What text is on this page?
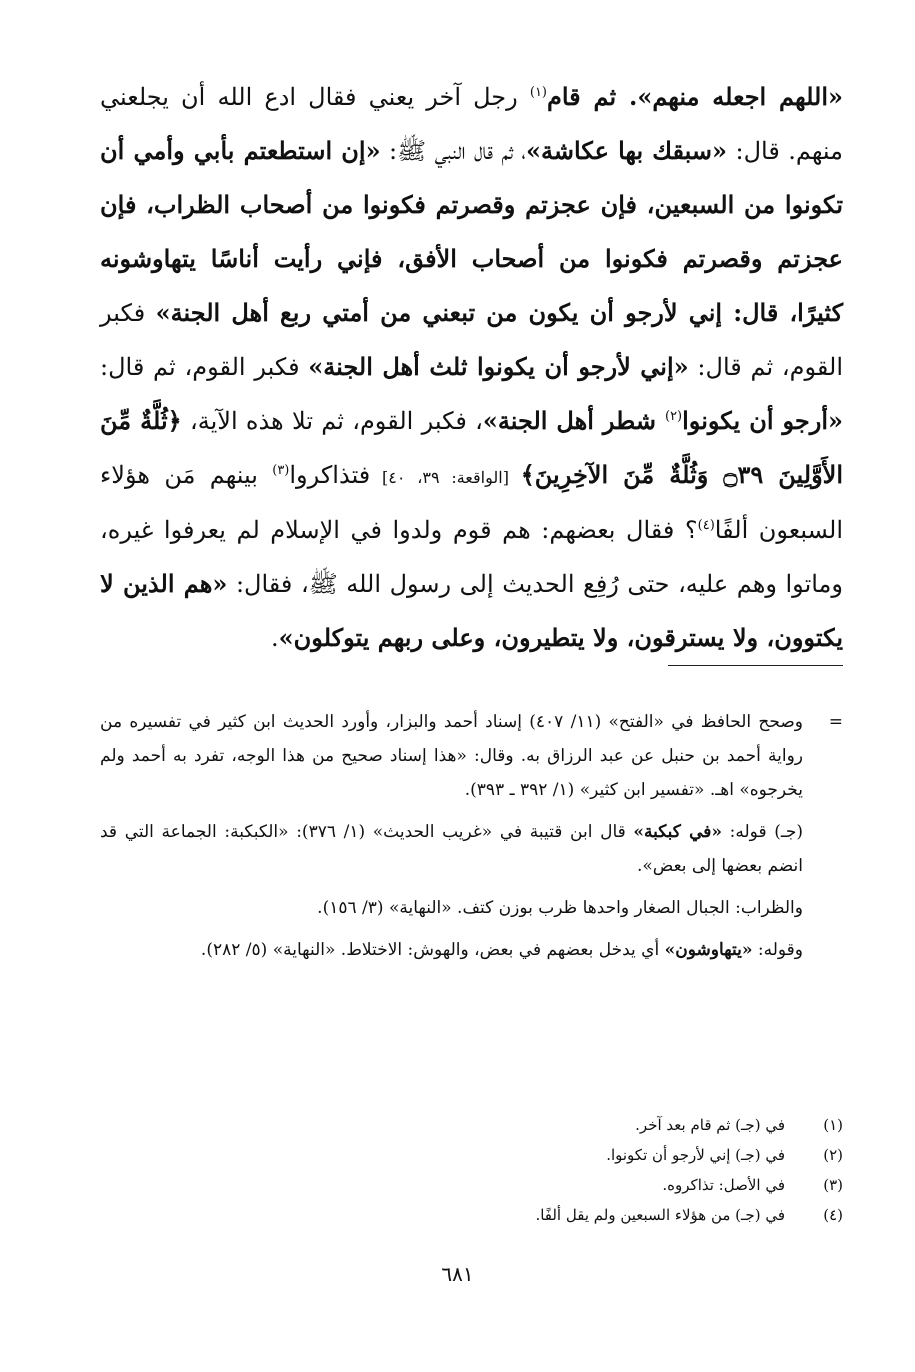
«اللهم اجعله منهم». ثم قام$^{(١)}$ رجل آخر يعني فقال ادع الله أن يجلعني منهم. قال: «سبقك بها عكاشة»، ثم قال النبي ﷺ: «إن استطعتم بأبي وأمي أن تكونوا من السبعين، فإن عجزتم وقصرتم فكونوا من أصحاب الظراب، فإن عجزتم وقصرتم فكونوا من أصحاب الأفق، فإني رأيت أناسًا يتهاوشونه كثيرًا، قال: إني لأرجو أن يكون من تبعني من أمتي ربع أهل الجنة» فكبر القوم، ثم قال: «إني لأرجو أن يكونوا ثلث أهل الجنة» فكبر القوم، ثم قال: «أرجو أن يكونوا$^{(٢)}$ شطر أهل الجنة»، فكبر القوم، ثم تلا هذه الآية، ﴿ثُلَّةٌ مِّنَ الأَوَّلِينَ ۝٣٩ وَثُلَّةٌ مِّنَ الآخِرِينَ﴾ [الواقعة: ٣٩، ٤٠] فتذاكروا$^{(٣)}$ بينهم مَن هؤلاء السبعون ألفًا$^{(٤)}$؟ فقال بعضهم: هم قوم ولدوا في الإسلام لم يعرفوا غيره، وماتوا وهم عليه، حتى رُفِع الحديث إلى رسول الله ﷺ، فقال: «هم الذين لا يكتوون، ولا يسترقون، ولا يتطيرون، وعلى ربهم يتوكلون».

=
وصحح الحافظ في «الفتح» (١١/ ٤٠٧) إسناد أحمد والبزار، وأورد الحديث ابن كثير في تفسيره من رواية أحمد بن حنبل عن عبد الرزاق به. وقال: «هذا إسناد صحيح من هذا الوجه، تفرد به أحمد ولم يخرجوه» اهـ. «تفسير ابن كثير» (١/ ٣٩٢ ـ ٣٩٣).

(جـ) قوله: «في كبكبة» قال ابن قتيبة في «غريب الحديث» (١/ ٣٧٦): «الكبكبة: الجماعة التي قد انضم بعضها إلى بعض».

والظراب: الجبال الصغار واحدها ظرب بوزن كتف. «النهاية» (٣/ ١٥٦).

وقوله: «يتهاوشون» أي يدخل بعضهم في بعض، والهوش: الاختلاط. «النهاية» (٥/ ٢٨٢).

(١)
في (جـ) ثم قام بعد آخر.
(٢)
في (جـ) إني لأرجو أن تكونوا.
(٣)
في الأصل: تذاكروه.
(٤)
في (جـ) من هؤلاء السبعين ولم يقل ألفًا.
٦٨١
